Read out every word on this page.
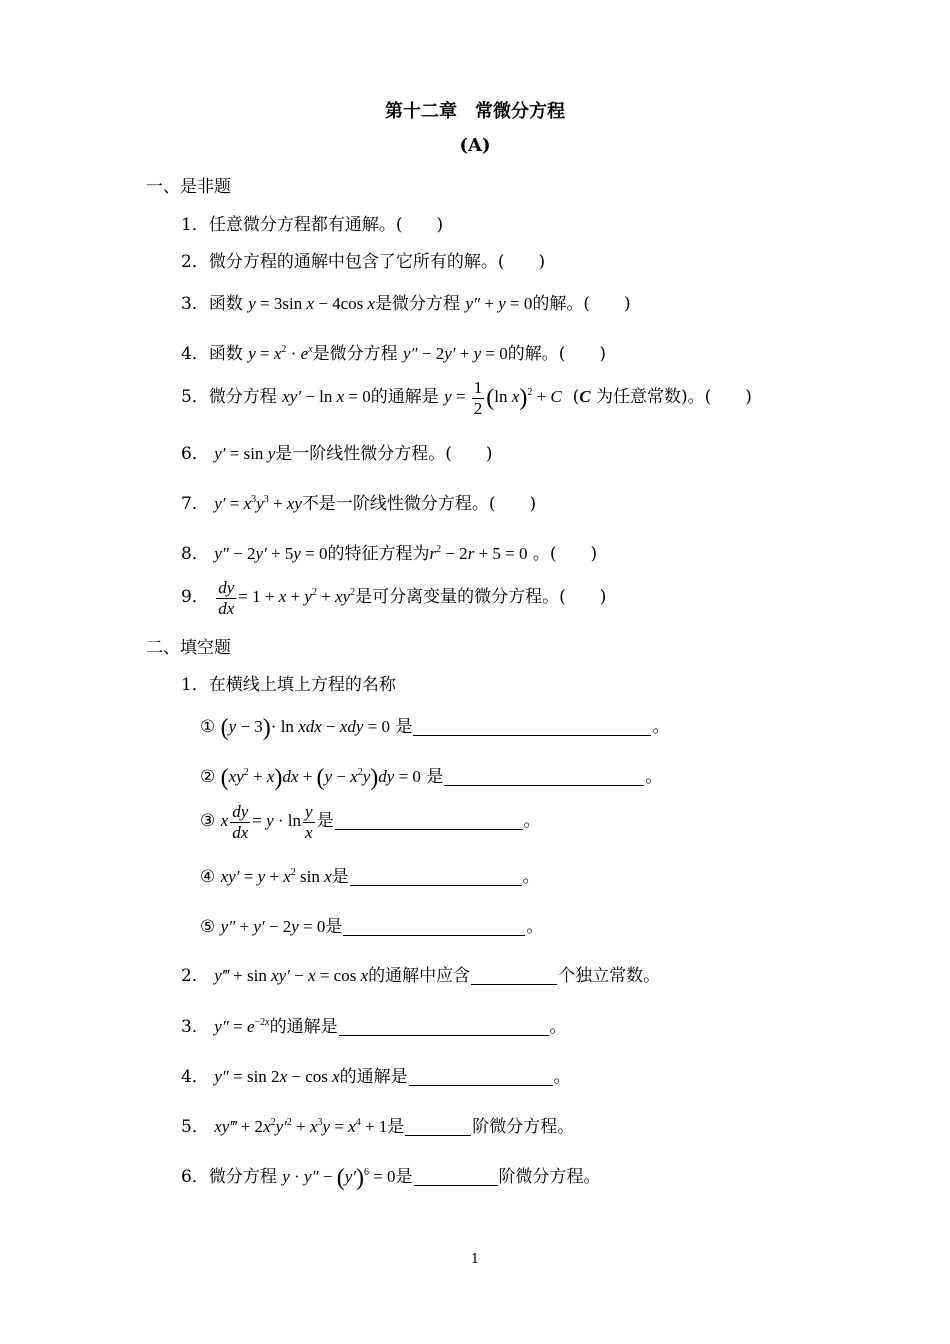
第十二章　常微分方程
(A)
一、是非题
1．任意微分方程都有通解。(　　)
2．微分方程的通解中包含了它所有的解。(　　)
3．函数 y = 3sin x − 4cos x是微分方程 y″ + y = 0的解。(　　)
4．函数 $y = x^2 \cdot e^x$是微分方程 y″ − 2y′ + y = 0的解。(　　)
5．微分方程 xy′ − ln x = 0的通解是 $y = \frac{1}{2} (\ln$ x)$^2$ + C  (C 为任意常数)。(　　)
6． y′ = sin y是一阶线性微分方程。(　　)
7． $y' = x^3y^3$ + xy不是一阶线性微分方程。(　　)
8． y″ − 2y′ + 5y = 0的特征方程为$r^2 - 2r + 5 = 0$ 。(　　)
9． $\frac{dy}{dx} = 1 + x + y^2 + xy^2$是可分离变量的微分方程。(　　)
二、填空题
1．在横线上填上方程的名称
① (y − 3)· ln xdx − xdy = 0 是	。
② $(xy^2 + x)dx + (y - x^2y)dy = 0$ 是	。
③ x $\frac{dy}{dx} = y \cdot \ln \frac{y}{x}$ 是	。
④ $xy' = y + x^2$ sin x是	。
⑤ y″ + y′ − 2y = 0是	。
2． y‴ + sin xy′ − x = cos x的通解中应含	个独立常数。
3． $y'' = e^{-2x}$的通解是	。
4． y″ = sin 2x − cos x的通解是	。
5． xy‴ + $2x^2y'^2 + x^3y = x^4 + 1$是	阶微分方程。
6．微分方程 $y \cdot y'' - (y')^6 = 0$是	阶微分方程。
1
